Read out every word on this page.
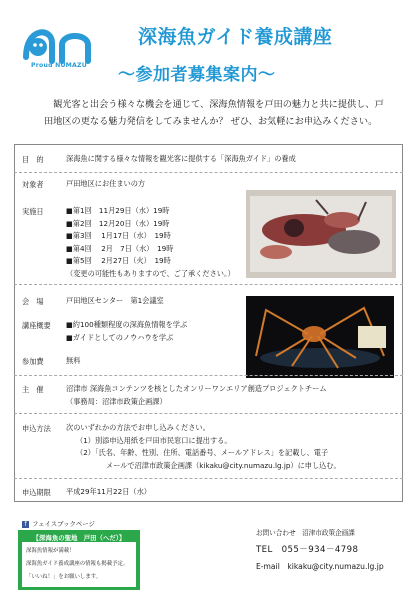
Proud NUMAZU
深海魚ガイド養成講座
～参加者募集案内～
観光客と出会う様々な機会を通じて、深海魚情報を戸田の魅力と共に提供し、戸田地区の更なる魅力発信をしてみませんか？ ぜひ、お気軽にお申込みください。
目　的	深海魚に関する様々な情報を観光客に提供する「深海魚ガイド」の養成
対象者	戸田地区にお住まいの方
実施日	■第1回　11月29日（水）19時
■第2回　12月20日（水）19時
■第3回　 1月17日（水）　19時
■第4回　 2月　7日（水）　19時
■第5回　 2月27日（火）　19時
（変更の可能性もありますので、ご了承ください。）
会　場	戸田地区センター　第1会議室
講座概要	■約100種類程度の深海魚情報を学ぶ
■ガイドとしてのノウハウを学ぶ
参加費	無料
主　催	沼津市 深海魚コンテンツを核としたオンリーワンエリア創造プロジェクトチーム
（事務局：沼津市政策企画課）
申込方法	次のいずれかの方法でお申し込みください。
（1）別添申込用紙を戸田市民窓口に提出する。
（2）「氏名、年齢、性別、住所、電話番号、メールアドレス」を記載し、電子
メールで沼津市政策企画課（kikaku@city.numazu.lg.jp）に申し込む。
申込期限	平成29年11月22日（水）
f フェイスブックページ
【深海魚の聖地　戸田（へだ）】
深海魚情報が満載！
深海魚ガイド養成講座の情報も掲載予定。
「いいね！」をお願いします。
お問い合わせ　沼津市政策企画課
TEL　055－934－4798
E-mail　kikaku@city.numazu.lg.jp
